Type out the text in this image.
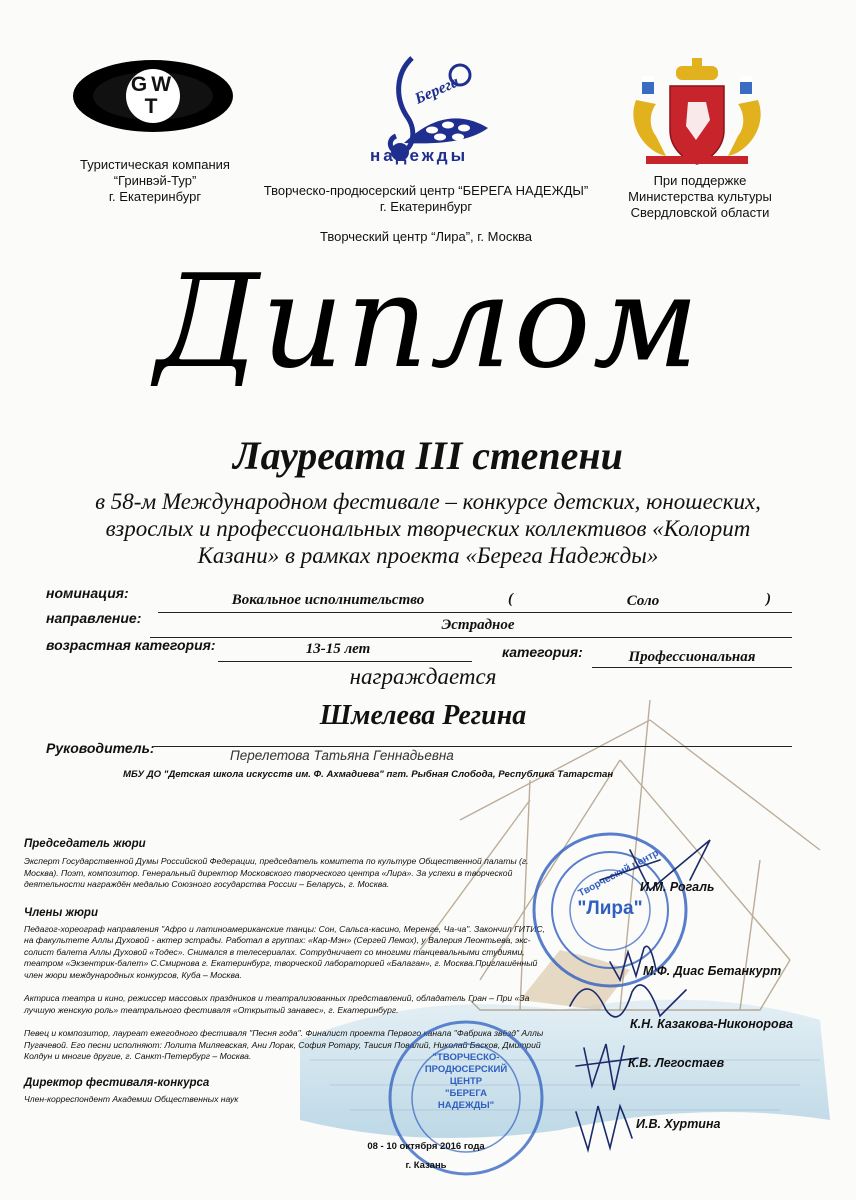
GWT
Туристическая компания
“Гринвэй-Тур”
г. Екатеринбург
Берега
надежды
Творческо-продюсерский центр “БЕРЕГА НАДЕЖДЫ”
г. Екатеринбург
Творческий центр “Лира”, г. Москва
При поддержке
Министерства культуры
Свердловской области
Диплом
Лауреата III степени
в 58-м Международном фестивале – конкурсе детских, юношеских,
взрослых и профессиональных творческих коллективов «Колорит
Казани» в рамках проекта «Берега Надежды»
номинация:	Вокальное исполнительство	(	Соло	)
направление:	Эстрадное
возрастная категория:	13-15 лет	категория:	Профессиональная
награждается
Шмелева Регина
Руководитель:	Перелетова Татьяна Геннадьевна
МБУ ДО "Детская школа искусств им. Ф. Ахмадиева" пгт. Рыбная Слобода, Республика Татарстан
Председатель жюри
Эксперт Государственной Думы Российской Федерации, председатель комитета по культуре Общественной палаты (г.
Москва). Поэт, композитор. Генеральный директор Московского творческого центра «Лира». За успехи в творческой
деятельности награждён медалью Союзного государства России – Беларусь, г. Москва.
Члены жюри
Педагог-хореограф направления "Афро и латиноамериканские танцы: Сон, Сальса-касино, Меренге, Ча-ча". Закончил ГИТИС,
на факультете Аллы Духовой - актер эстрады. Работал в группах: «Кар-Мэн» (Сергей Лемох), у Валерия Леонтьева, экс-
солист балета Аллы Духовой «Тодес». Снимался в телесериалах. Сотрудничает со многими танцевальными студиями,
театром «Экзентрик-балет» С.Смирнова г. Екатеринбург, творческой лабораторией «Балаган», г. Москва.Приглашённый
член жюри международных конкурсов, Куба – Москва.
Актриса театра и кино, режиссер массовых праздников и театрализованных представлений, обладатель Гран – При «За
лучшую женскую роль» театрального фестиваля «Открытый занавес», г. Екатеринбург.
Певец и композитор, лауреат ежегодного фестиваля "Песня года". Финалист проекта Первого канала "Фабрика звёзд" Аллы
Пугачевой. Его песни исполняют: Лолита Миляевская, Ани Лорак, София Ротару, Таисия Повалий, Николай Басков, Дмитрий
Колдун и многие другие, г. Санкт-Петербург – Москва.
Директор фестиваля-конкурса
Член-корреспондент Академии Общественных наук
Творческий центр
"Лира"
"ТВОРЧЕСКО-
ПРОДЮСЕРСКИЙ
ЦЕНТР
"БЕРЕГА
НАДЕЖДЫ"
И.М. Рогаль
М.Ф. Диас Бетанкурт
К.Н. Казакова-Никонорова
К.В. Легостаев
И.В. Хуртина
08 - 10 октября 2016 года
г. Казань
